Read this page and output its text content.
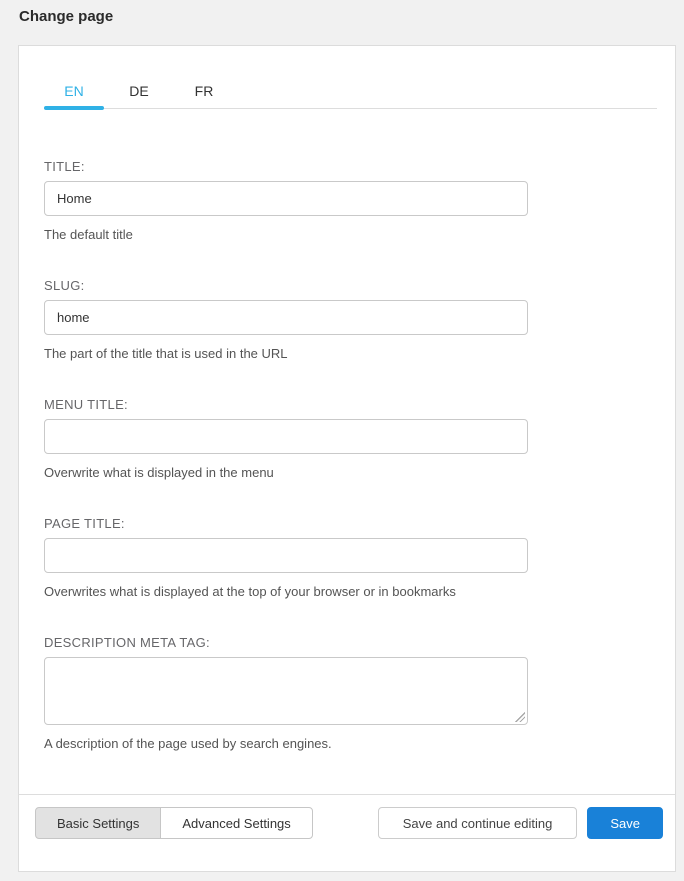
Change page
EN	DE	FR
TITLE:
Home
The default title
SLUG:
home
The part of the title that is used in the URL
MENU TITLE:
Overwrite what is displayed in the menu
PAGE TITLE:
Overwrites what is displayed at the top of your browser or in bookmarks
DESCRIPTION META TAG:
A description of the page used by search engines.
Basic Settings	Advanced Settings	Save and continue editing	Save
